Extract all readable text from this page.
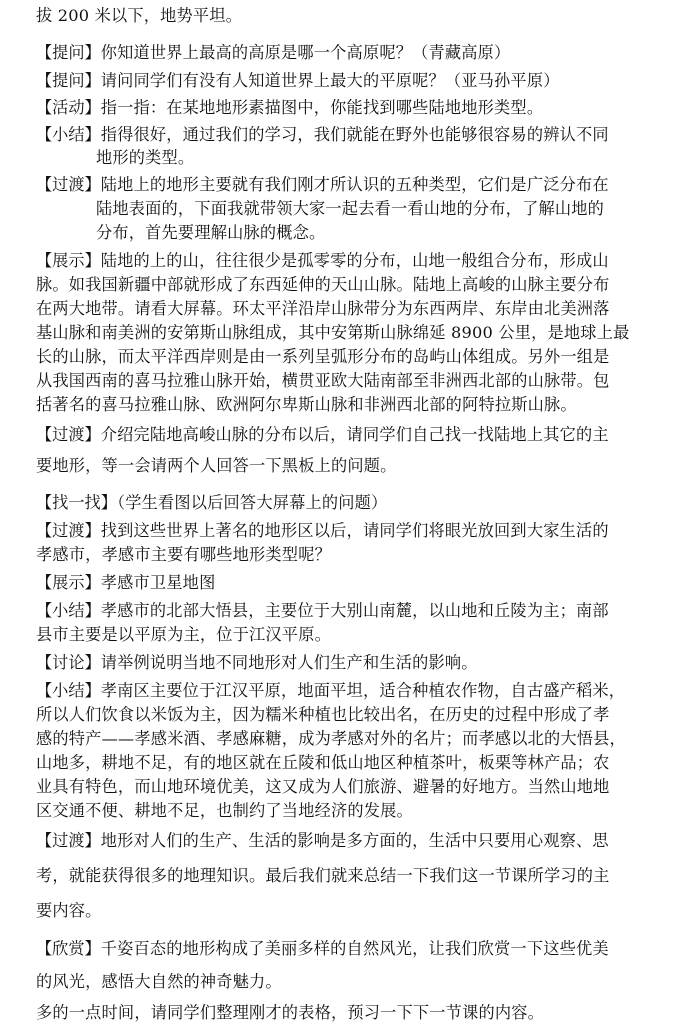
拔 200 米以下，地势平坦。
【提问】你知道世界上最高的高原是哪一个高原呢？（青藏高原）
【提问】请问同学们有没有人知道世界上最大的平原呢？（亚马孙平原）
【活动】指一指：在某地地形素描图中，你能找到哪些陆地地形类型。
【小结】指得很好，通过我们的学习，我们就能在野外也能够很容易的辨认不同
地形的类型。
【过渡】陆地上的地形主要就有我们刚才所认识的五种类型，它们是广泛分布在
陆地表面的，下面我就带领大家一起去看一看山地的分布，了解山地的
分布，首先要理解山脉的概念。
【展示】陆地的上的山，往往很少是孤零零的分布，山地一般组合分布，形成山
脉。如我国新疆中部就形成了东西延伸的天山山脉。陆地上高峻的山脉主要分布
在两大地带。请看大屏幕。环太平洋沿岸山脉带分为东西两岸、东岸由北美洲落
基山脉和南美洲的安第斯山脉组成，其中安第斯山脉绵延 8900 公里，是地球上最
长的山脉，而太平洋西岸则是由一系列呈弧形分布的岛屿山体组成。另外一组是
从我国西南的喜马拉雅山脉开始，横贯亚欧大陆南部至非洲西北部的山脉带。包
括著名的喜马拉雅山脉、欧洲阿尔卑斯山脉和非洲西北部的阿特拉斯山脉。
【过渡】介绍完陆地高峻山脉的分布以后，请同学们自己找一找陆地上其它的主
要地形，等一会请两个人回答一下黑板上的问题。
【找一找】（学生看图以后回答大屏幕上的问题）
【过渡】找到这些世界上著名的地形区以后，请同学们将眼光放回到大家生活的
孝感市，孝感市主要有哪些地形类型呢？
【展示】孝感市卫星地图
【小结】孝感市的北部大悟县，主要位于大别山南麓，以山地和丘陵为主；南部
县市主要是以平原为主，位于江汉平原。
【讨论】请举例说明当地不同地形对人们生产和生活的影响。
【小结】孝南区主要位于江汉平原，地面平坦，适合种植农作物，自古盛产稻米，
所以人们饮食以米饭为主，因为糯米种植也比较出名，在历史的过程中形成了孝
感的特产——孝感米酒、孝感麻糖，成为孝感对外的名片；而孝感以北的大悟县，
山地多，耕地不足，有的地区就在丘陵和低山地区种植茶叶，板栗等林产品；农
业具有特色，而山地环境优美，这又成为人们旅游、避暑的好地方。当然山地地
区交通不便、耕地不足，也制约了当地经济的发展。
【过渡】地形对人们的生产、生活的影响是多方面的，生活中只要用心观察、思
考，就能获得很多的地理知识。最后我们就来总结一下我们这一节课所学习的主
要内容。
【欣赏】千姿百态的地形构成了美丽多样的自然风光，让我们欣赏一下这些优美
的风光，感悟大自然的神奇魅力。
多的一点时间，请同学们整理刚才的表格，预习一下下一节课的内容。
